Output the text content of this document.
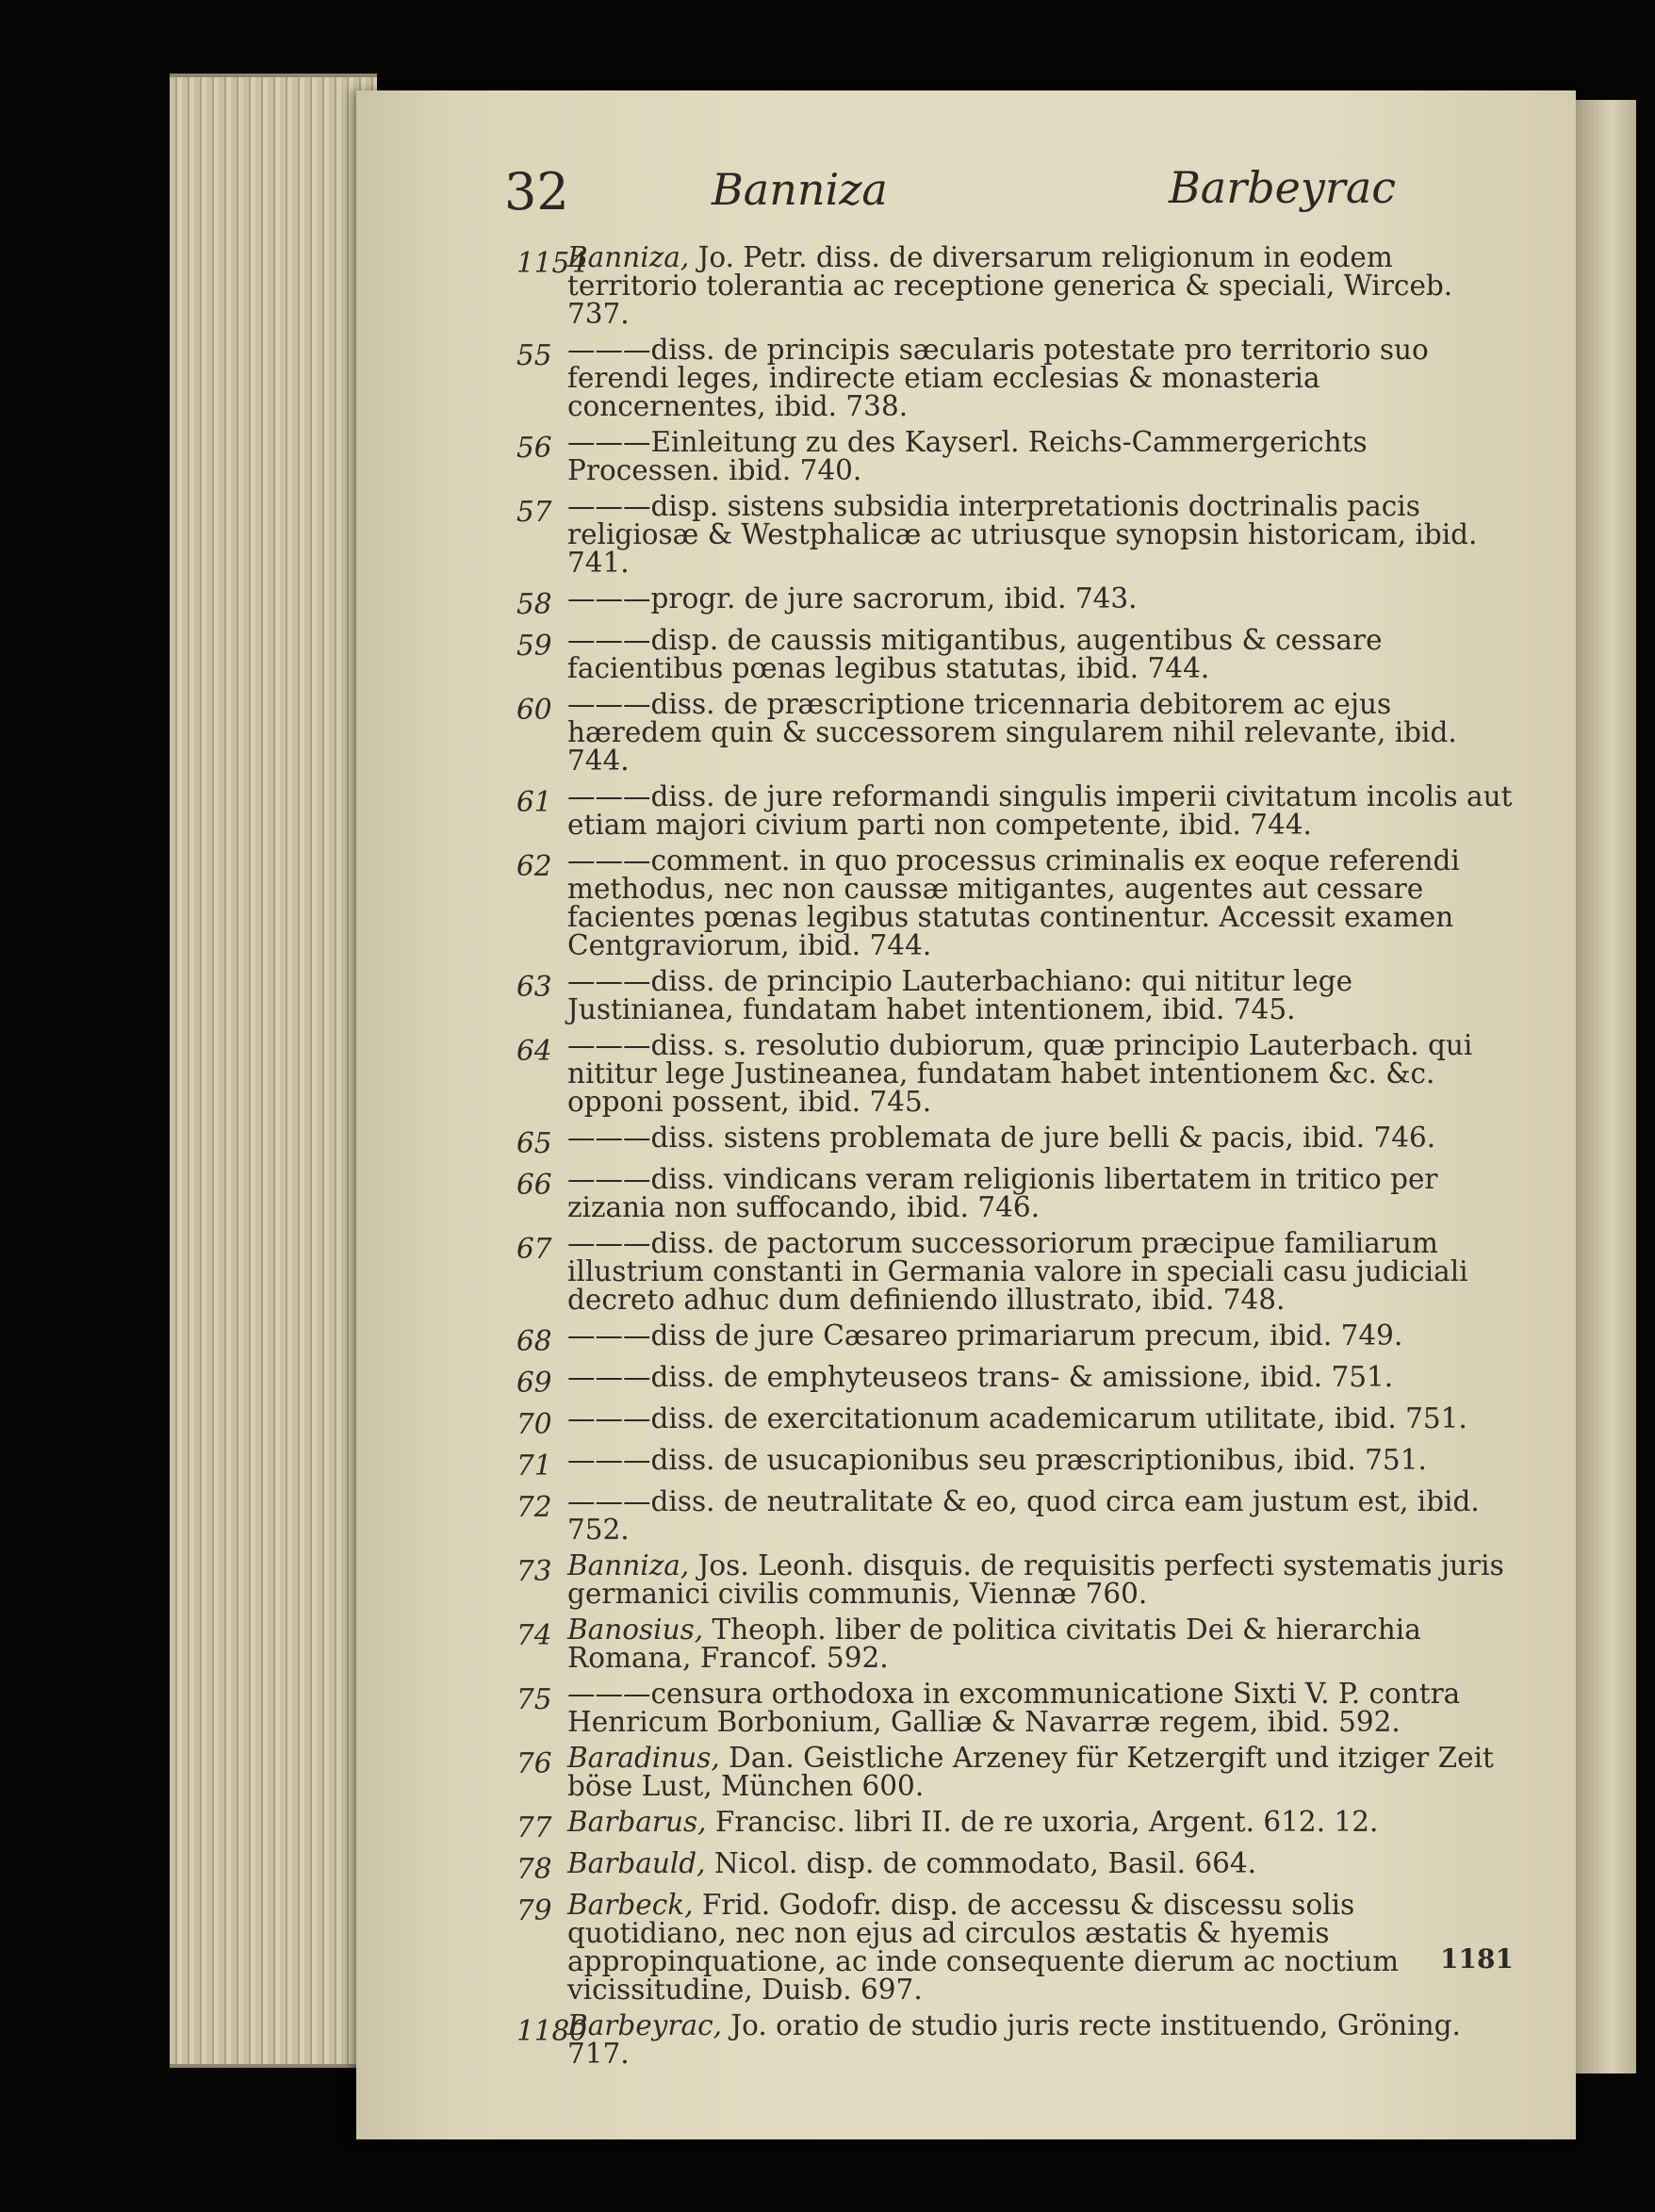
32	Banniza	Barbeyrac
1154
Banniza, Jo. Petr. diss. de diversarum religionum in eodem territorio tolerantia ac receptione generica & speciali, Wirceb. 737.
55 ———diss. de principis sæcularis potestate pro territorio suo ferendi leges, indirecte etiam ecclesias & monasteria concernentes, ibid. 738.
56 ———Einleitung zu des Kayserl. Reichs-Cammergerichts Processen. ibid. 740.
57 ———disp. sistens subsidia interpretationis doctrinalis pacis religiosæ & Westphalicæ ac utriusque synopsin historicam, ibid. 741.
58 ———progr. de jure sacrorum, ibid. 743.
59 ———disp. de caussis mitigantibus, augentibus & cessare facientibus pœnas legibus statutas, ibid. 744.
60 ———diss. de præscriptione tricennaria debitorem ac ejus hæredem quin & successorem singularem nihil relevante, ibid. 744.
61 ———diss. de jure reformandi singulis imperii civitatum incolis aut etiam majori civium parti non competente, ibid. 744.
62 ———comment. in quo processus criminalis ex eoque referendi methodus, nec non caussæ mitigantes, augentes aut cessare facientes pœnas legibus statutas continentur. Accessit examen Centgraviorum, ibid. 744.
63 ———diss. de principio Lauterbachiano: qui nititur lege Justinianea, fundatam habet intentionem, ibid. 745.
64 ———diss. s. resolutio dubiorum, quæ principio Lauterbach. qui nititur lege Justineanea, fundatam habet intentionem &c. &c. opponi possent, ibid. 745.
65 ———diss. sistens problemata de jure belli & pacis, ibid. 746.
66 ———diss. vindicans veram religionis libertatem in tritico per zizania non suffocando, ibid. 746.
67 ———diss. de pactorum successoriorum præcipue familiarum illustrium constanti in Germania valore in speciali casu judiciali decreto adhuc dum definiendo illustrato, ibid. 748.
68 ———diss de jure Cæsareo primariarum precum, ibid. 749.
69 ———diss. de emphyteuseos trans- & amissione, ibid. 751.
70 ———diss. de exercitationum academicarum utilitate, ibid. 751.
71 ———diss. de usucapionibus seu præscriptionibus, ibid. 751.
72 ———diss. de neutralitate & eo, quod circa eam justum est, ibid. 752.
73 Banniza, Jos. Leonh. disquis. de requisitis perfecti systematis juris germanici civilis communis, Viennæ 760.
74 Banosius, Theoph. liber de politica civitatis Dei & hierarchia Romana, Francof. 592.
75 ———censura orthodoxa in excommunicatione Sixti V. P. contra Henricum Borbonium, Galliæ & Navarræ regem, ibid. 592.
76 Baradinus, Dan. Geistliche Arzeney für Ketzergift und itziger Zeit böse Lust, München 600.
77 Barbarus, Francisc. libri II. de re uxoria, Argent. 612. 12.
78 Barbauld, Nicol. disp. de commodato, Basil. 664.
79 Barbeck, Frid. Godofr. disp. de accessu & discessu solis quotidiano, nec non ejus ad circulos æstatis & hyemis appropinquatione, ac inde consequente dierum ac noctium vicissitudine, Duisb. 697.
1180
Barbeyrac, Jo. oratio de studio juris recte instituendo, Gröning. 717.
1181
